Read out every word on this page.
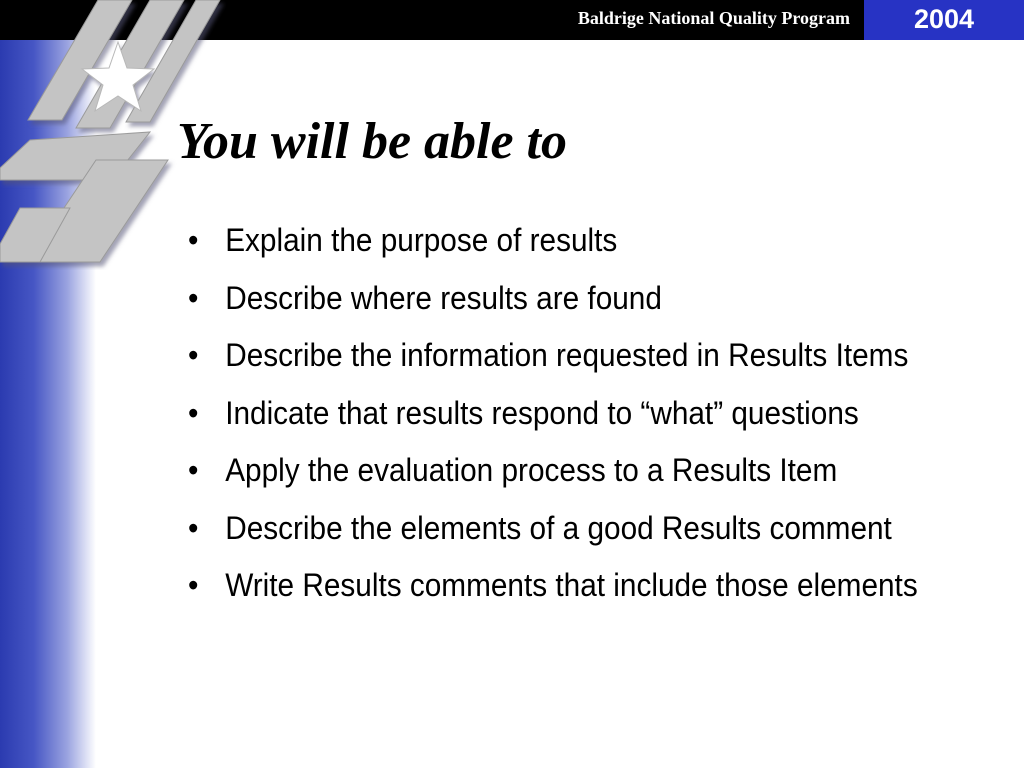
Baldrige National Quality Program	2004
You will be able to
• Explain the purpose of results
• Describe where results are found
• Describe the information requested in Results Items
• Indicate that results respond to “what” questions
• Apply the evaluation process to a Results Item
• Describe the elements of a good Results comment
• Write Results comments that include those elements
